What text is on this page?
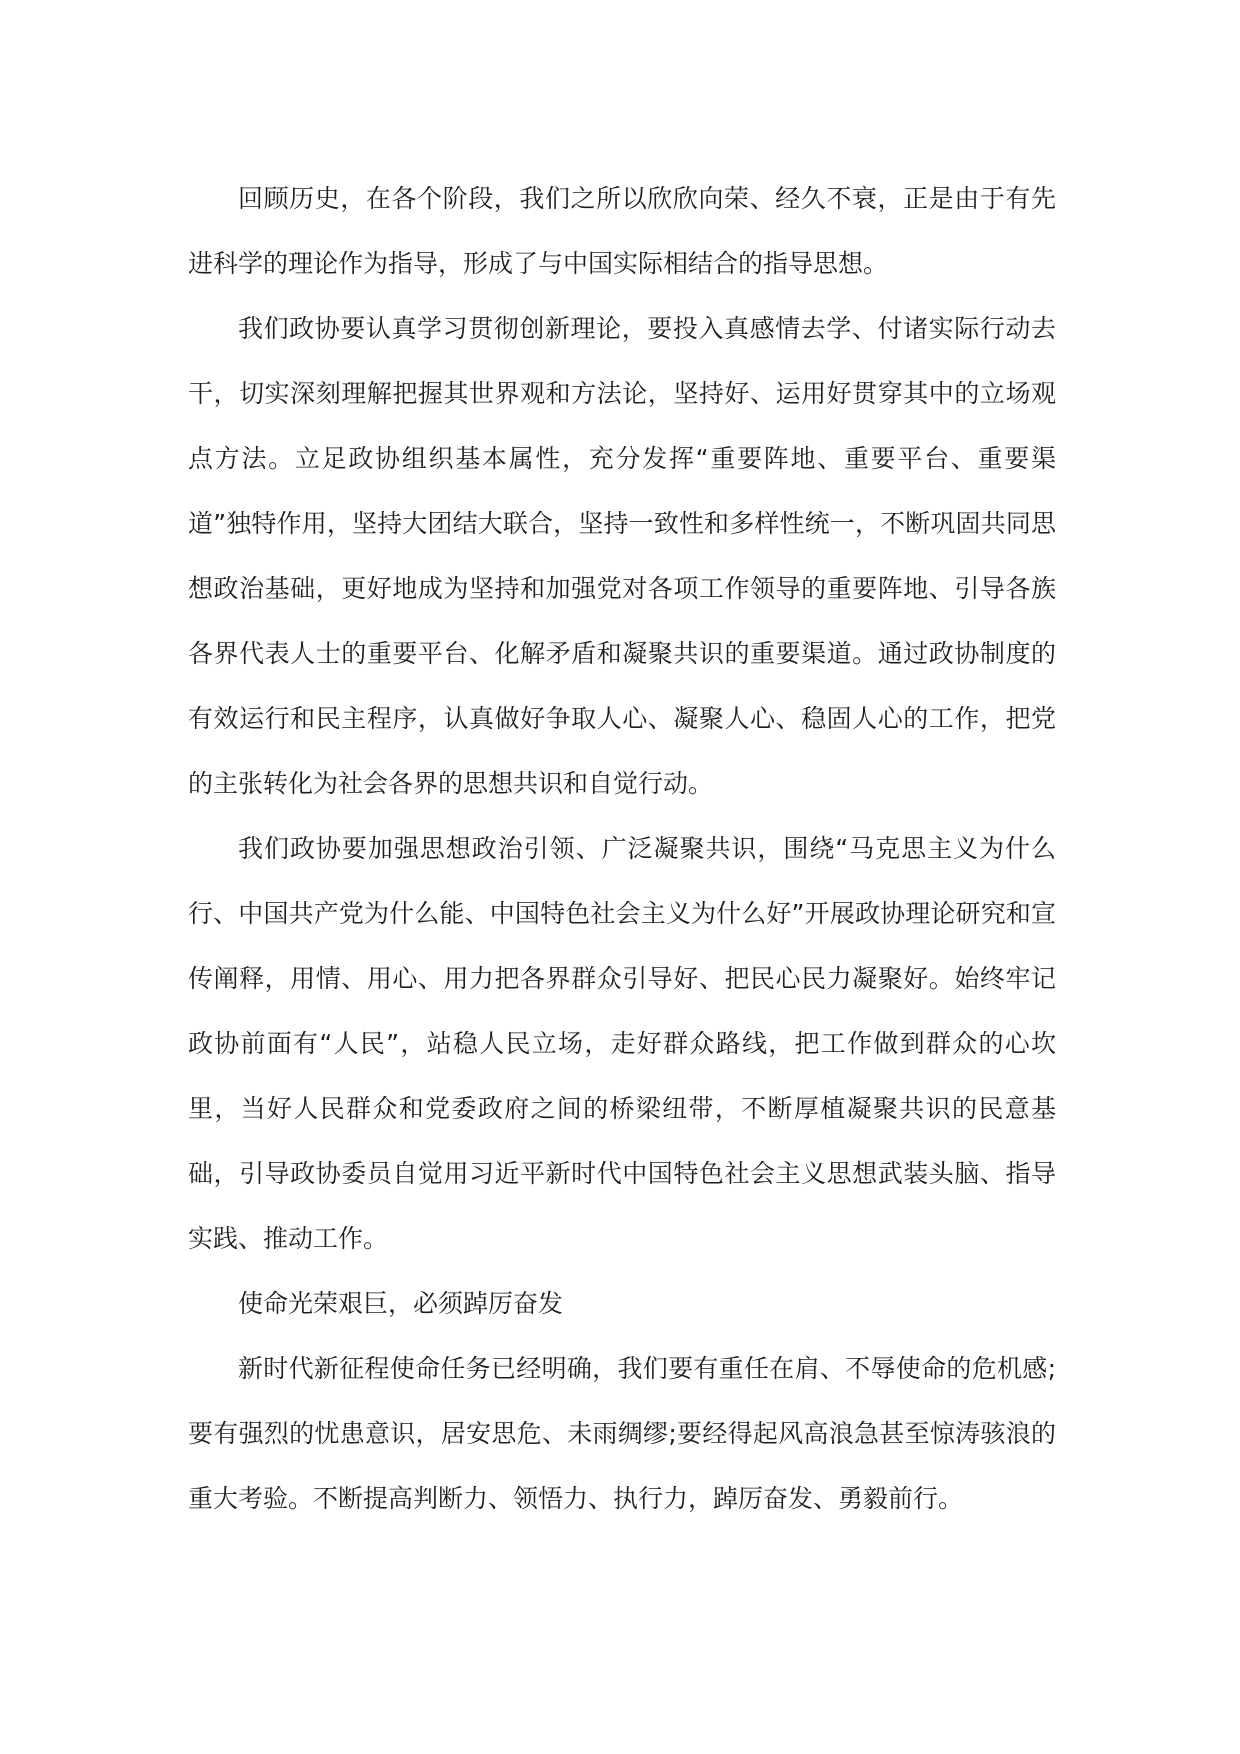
回顾历史，在各个阶段，我们之所以欣欣向荣、经久不衰，正是由于有先进科学的理论作为指导，形成了与中国实际相结合的指导思想。

我们政协要认真学习贯彻创新理论，要投入真感情去学、付诸实际行动去干，切实深刻理解把握其世界观和方法论，坚持好、运用好贯穿其中的立场观点方法。立足政协组织基本属性，充分发挥“重要阵地、重要平台、重要渠道”独特作用，坚持大团结大联合，坚持一致性和多样性统一，不断巩固共同思想政治基础，更好地成为坚持和加强党对各项工作领导的重要阵地、引导各族各界代表人士的重要平台、化解矛盾和凝聚共识的重要渠道。通过政协制度的有效运行和民主程序，认真做好争取人心、凝聚人心、稳固人心的工作，把党的主张转化为社会各界的思想共识和自觉行动。

我们政协要加强思想政治引领、广泛凝聚共识，围绕“马克思主义为什么行、中国共产党为什么能、中国特色社会主义为什么好”开展政协理论研究和宣传阐释，用情、用心、用力把各界群众引导好、把民心民力凝聚好。始终牢记政协前面有“人民”，站稳人民立场，走好群众路线，把工作做到群众的心坎里，当好人民群众和党委政府之间的桥梁纽带，不断厚植凝聚共识的民意基础，引导政协委员自觉用习近平新时代中国特色社会主义思想武装头脑、指导实践、推动工作。

使命光荣艰巨，必须踔厉奋发

新时代新征程使命任务已经明确，我们要有重任在肩、不辱使命的危机感;要有强烈的忧患意识，居安思危、未雨绸缪;要经得起风高浪急甚至惊涛骇浪的重大考验。不断提高判断力、领悟力、执行力，踔厉奋发、勇毅前行。
